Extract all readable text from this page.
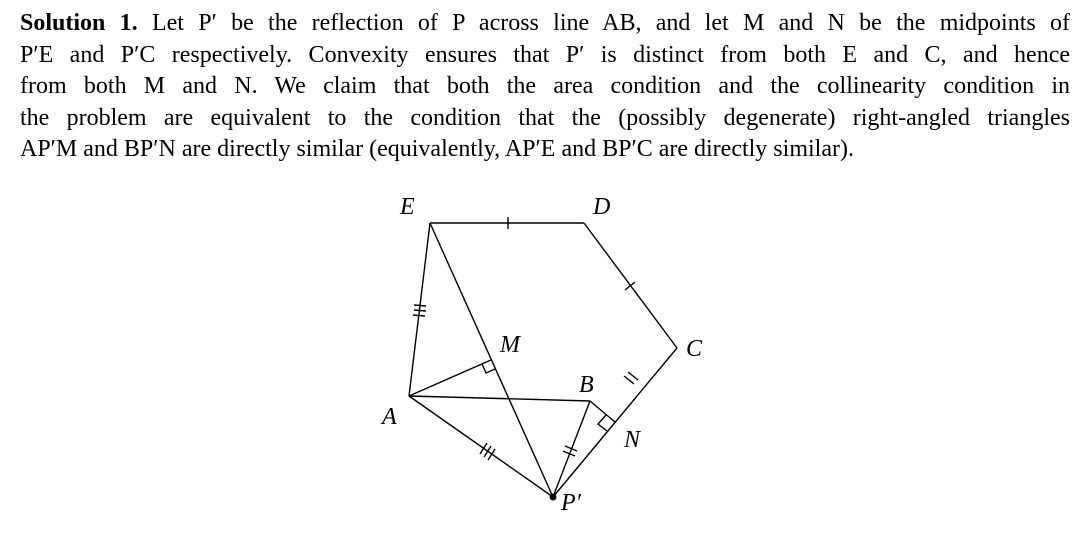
Solution 1. Let P′ be the reflection of P across line AB, and let M and N be the midpoints of
P′E and P′C respectively. Convexity ensures that P′ is distinct from both E and C, and hence
from both M and N. We claim that both the area condition and the collinearity condition in
the problem are equivalent to the condition that the (possibly degenerate) right-angled triangles
AP′M and BP′N are directly similar (equivalently, AP′E and BP′C are directly similar).
E	D
C
B
A
M
N
P′
